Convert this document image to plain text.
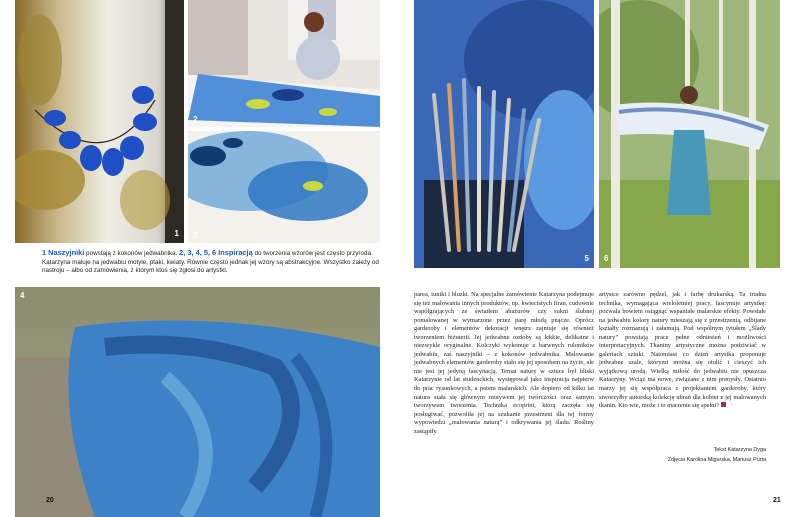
1
2
3
1 Naszyjniki powstają z kokonów jedwabnika. 2, 3, 4, 5, 6 Inspiracją do tworzenia wzorów jest często przyroda. Katarzyna maluje na jedwabiu motyle, ptaki, kwiaty. Równie często jednak jej wzory są abstrakcyjne. Wszystko zależy od nastroju – albo od zamówienia, z którym ktoś się zgłosi do artystki.
4
5 6

parea, tuniki i bluzki. Na specjalne zamówienie Katarzyna podejmuje się też malowania innych produktów, np. kwiecistych firan, cudownie współgrających ze światłem abażurów czy sukni ślubnej pomalowanej w wymarzone przez parę młodą pnącze. Oprócz garderoby i elementów dekoracji wnętrz zajmuje się również tworzeniem biżuterii. Jej jedwabne ozdoby są lekkie, delikatne i niezwykle oryginalne. Kolczyki wykonuje z barwnych ruloników jedwabiu, zaś naszyjniki – z kokonów jedwabnika. Malowanie jedwabnych elementów garderoby stało się jej sposobem na życie, ale nie jest jej jedyną fascynacją. Temat natury w sztuce był bliski Katarzynie od lat studenckich, występował jako inspiracja najpierw do prac rysunkowych, a potem malarskich. Ale dopiero od kilku lat natura stała się głównym motywem jej twórczości oraz samym tworzywem tworzenia. Technika ecoprint, którą zaczęła się posługiwać, pozwoliła jej na szukanie przestrzeni dla tej formy wypowiedzi „malowania naturą” i odkrywania jej śladu. Rośliny zastąpiły

artystce zarówno pędzel, jak i farbę drukarską. Ta trudna technika, wymagająca wieloletniej pracy, fascynuje artystkę; pozwala bowiem osiągnąć wspaniałe malarskie efekty. Powstałe na jedwabiu kolory natury mieszają się z przestrzenią, odbijane kształty rozmazują i załamują. Pod wspólnym tytułem „Ślady natury” powstają prace pełne odniesień i możliwości interpretacyjnych. Tkaniny artystyczne można podziwiać w galeriach sztuki. Natomiast co dzień artystka proponuje jedwabne szale, którymi można się otulić i cieszyć ich wyjątkową urodą. Wielką miłość do jedwabiu nie opuszcza Katarzyny. Wciąż ma nowe, związane z nim pomysły. Ostatnio marzy jej się współpraca z projektantem garderoby, który stworzyłby autorską kolekcję ubrań dla kobiet z jej malowanych tkanin. Kto wie, może i to marzenie się spełni?

Tekst Katarzyna Dyga
Zdjęcia Karolina Migurska, Mariusz Purta
20	21
